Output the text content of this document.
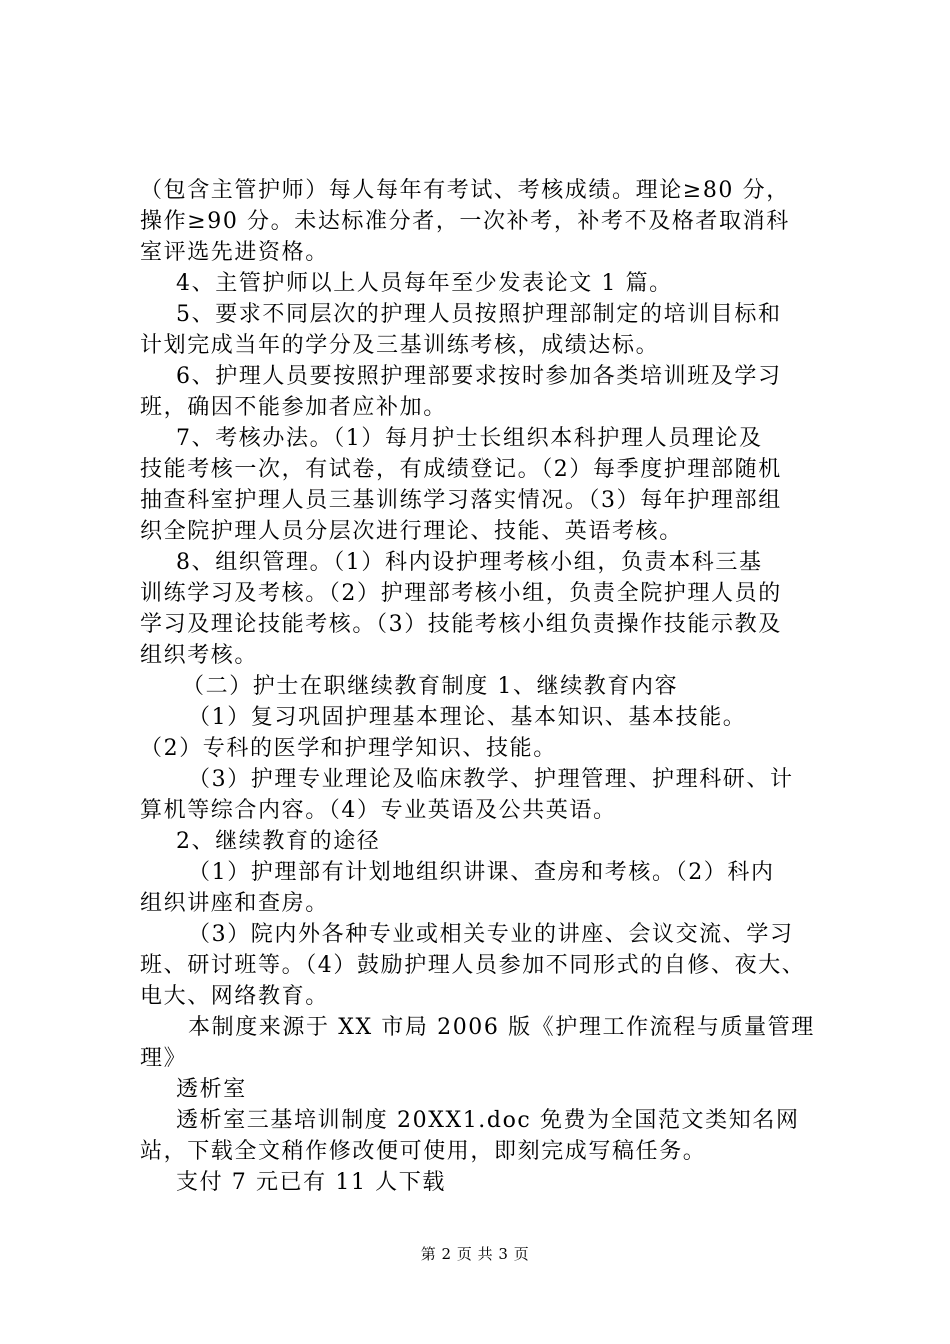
（包含主管护师）每人每年有考试、考核成绩。理论≥80 分，
操作≥90 分。未达标准分者，一次补考，补考不及格者取消科
室评选先进资格。
4、主管护师以上人员每年至少发表论文 1 篇。
5、要求不同层次的护理人员按照护理部制定的培训目标和
计划完成当年的学分及三基训练考核，成绩达标。
6、护理人员要按照护理部要求按时参加各类培训班及学习
班，确因不能参加者应补加。
7、考核办法。（1）每月护士长组织本科护理人员理论及
技能考核一次，有试卷，有成绩登记。（2）每季度护理部随机
抽查科室护理人员三基训练学习落实情况。（3）每年护理部组
织全院护理人员分层次进行理论、技能、英语考核。
8、组织管理。（1）科内设护理考核小组，负责本科三基
训练学习及考核。（2）护理部考核小组，负责全院护理人员的
学习及理论技能考核。（3）技能考核小组负责操作技能示教及
组织考核。
（二）护士在职继续教育制度 1、继续教育内容
（1）复习巩固护理基本理论、基本知识、基本技能。
（2）专科的医学和护理学知识、技能。
（3）护理专业理论及临床教学、护理管理、护理科研、计
算机等综合内容。（4）专业英语及公共英语。
2、继续教育的途径
（1）护理部有计划地组织讲课、查房和考核。（2）科内
组织讲座和查房。
（3）院内外各种专业或相关专业的讲座、会议交流、学习
班、研讨班等。（4）鼓励护理人员参加不同形式的自修、夜大、
电大、网络教育。
本制度来源于 XX 市局 2006 版《护理工作流程与质量管理
理》
透析室
透析室三基培训制度 20XX1.doc 免费为全国范文类知名网
站，下载全文稍作修改便可使用，即刻完成写稿任务。
支付 7 元已有 11 人下载
第 2 页 共 3 页
